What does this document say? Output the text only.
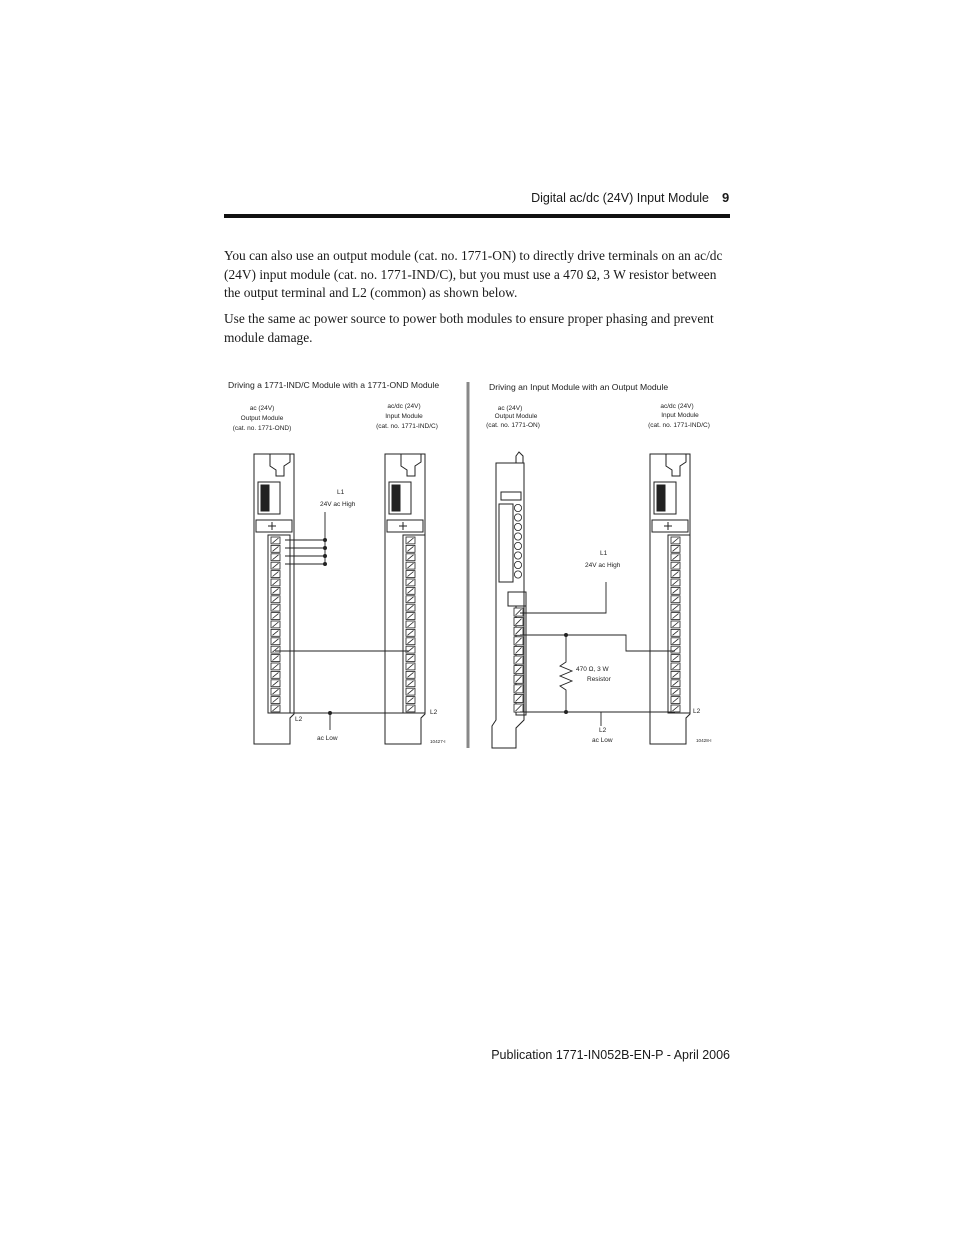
Digital ac/dc (24V) Input Module 9

You can also use an output module (cat. no. 1771-ON) to directly drive terminals on an ac/dc (24V) input module (cat. no. 1771-IND/C), but you must use a 470 Ω, 3 W resistor between the output terminal and L2 (common) as shown below.

Use the same ac power source to power both modules to ensure proper phasing and prevent module damage.

Driving a 1771-IND/C Module with a 1771-OND Module
ac (24V)
Output Module
(cat. no. 1771-OND)
ac/dc (24V)
Input Module
(cat. no. 1771-IND/C)
L1
24V ac High
L2
L2
ac Low	10427-I
Driving an Input Module with an Output Module
ac (24V)
Output Module
(cat. no. 1771-ON)
ac/dc (24V)
Input Module
(cat. no. 1771-IND/C)
L1
24V ac High
470 Ω, 3 W
Resistor
L2
ac Low
L2
10428-I
Publication 1771-IN052B-EN-P - April 2006
